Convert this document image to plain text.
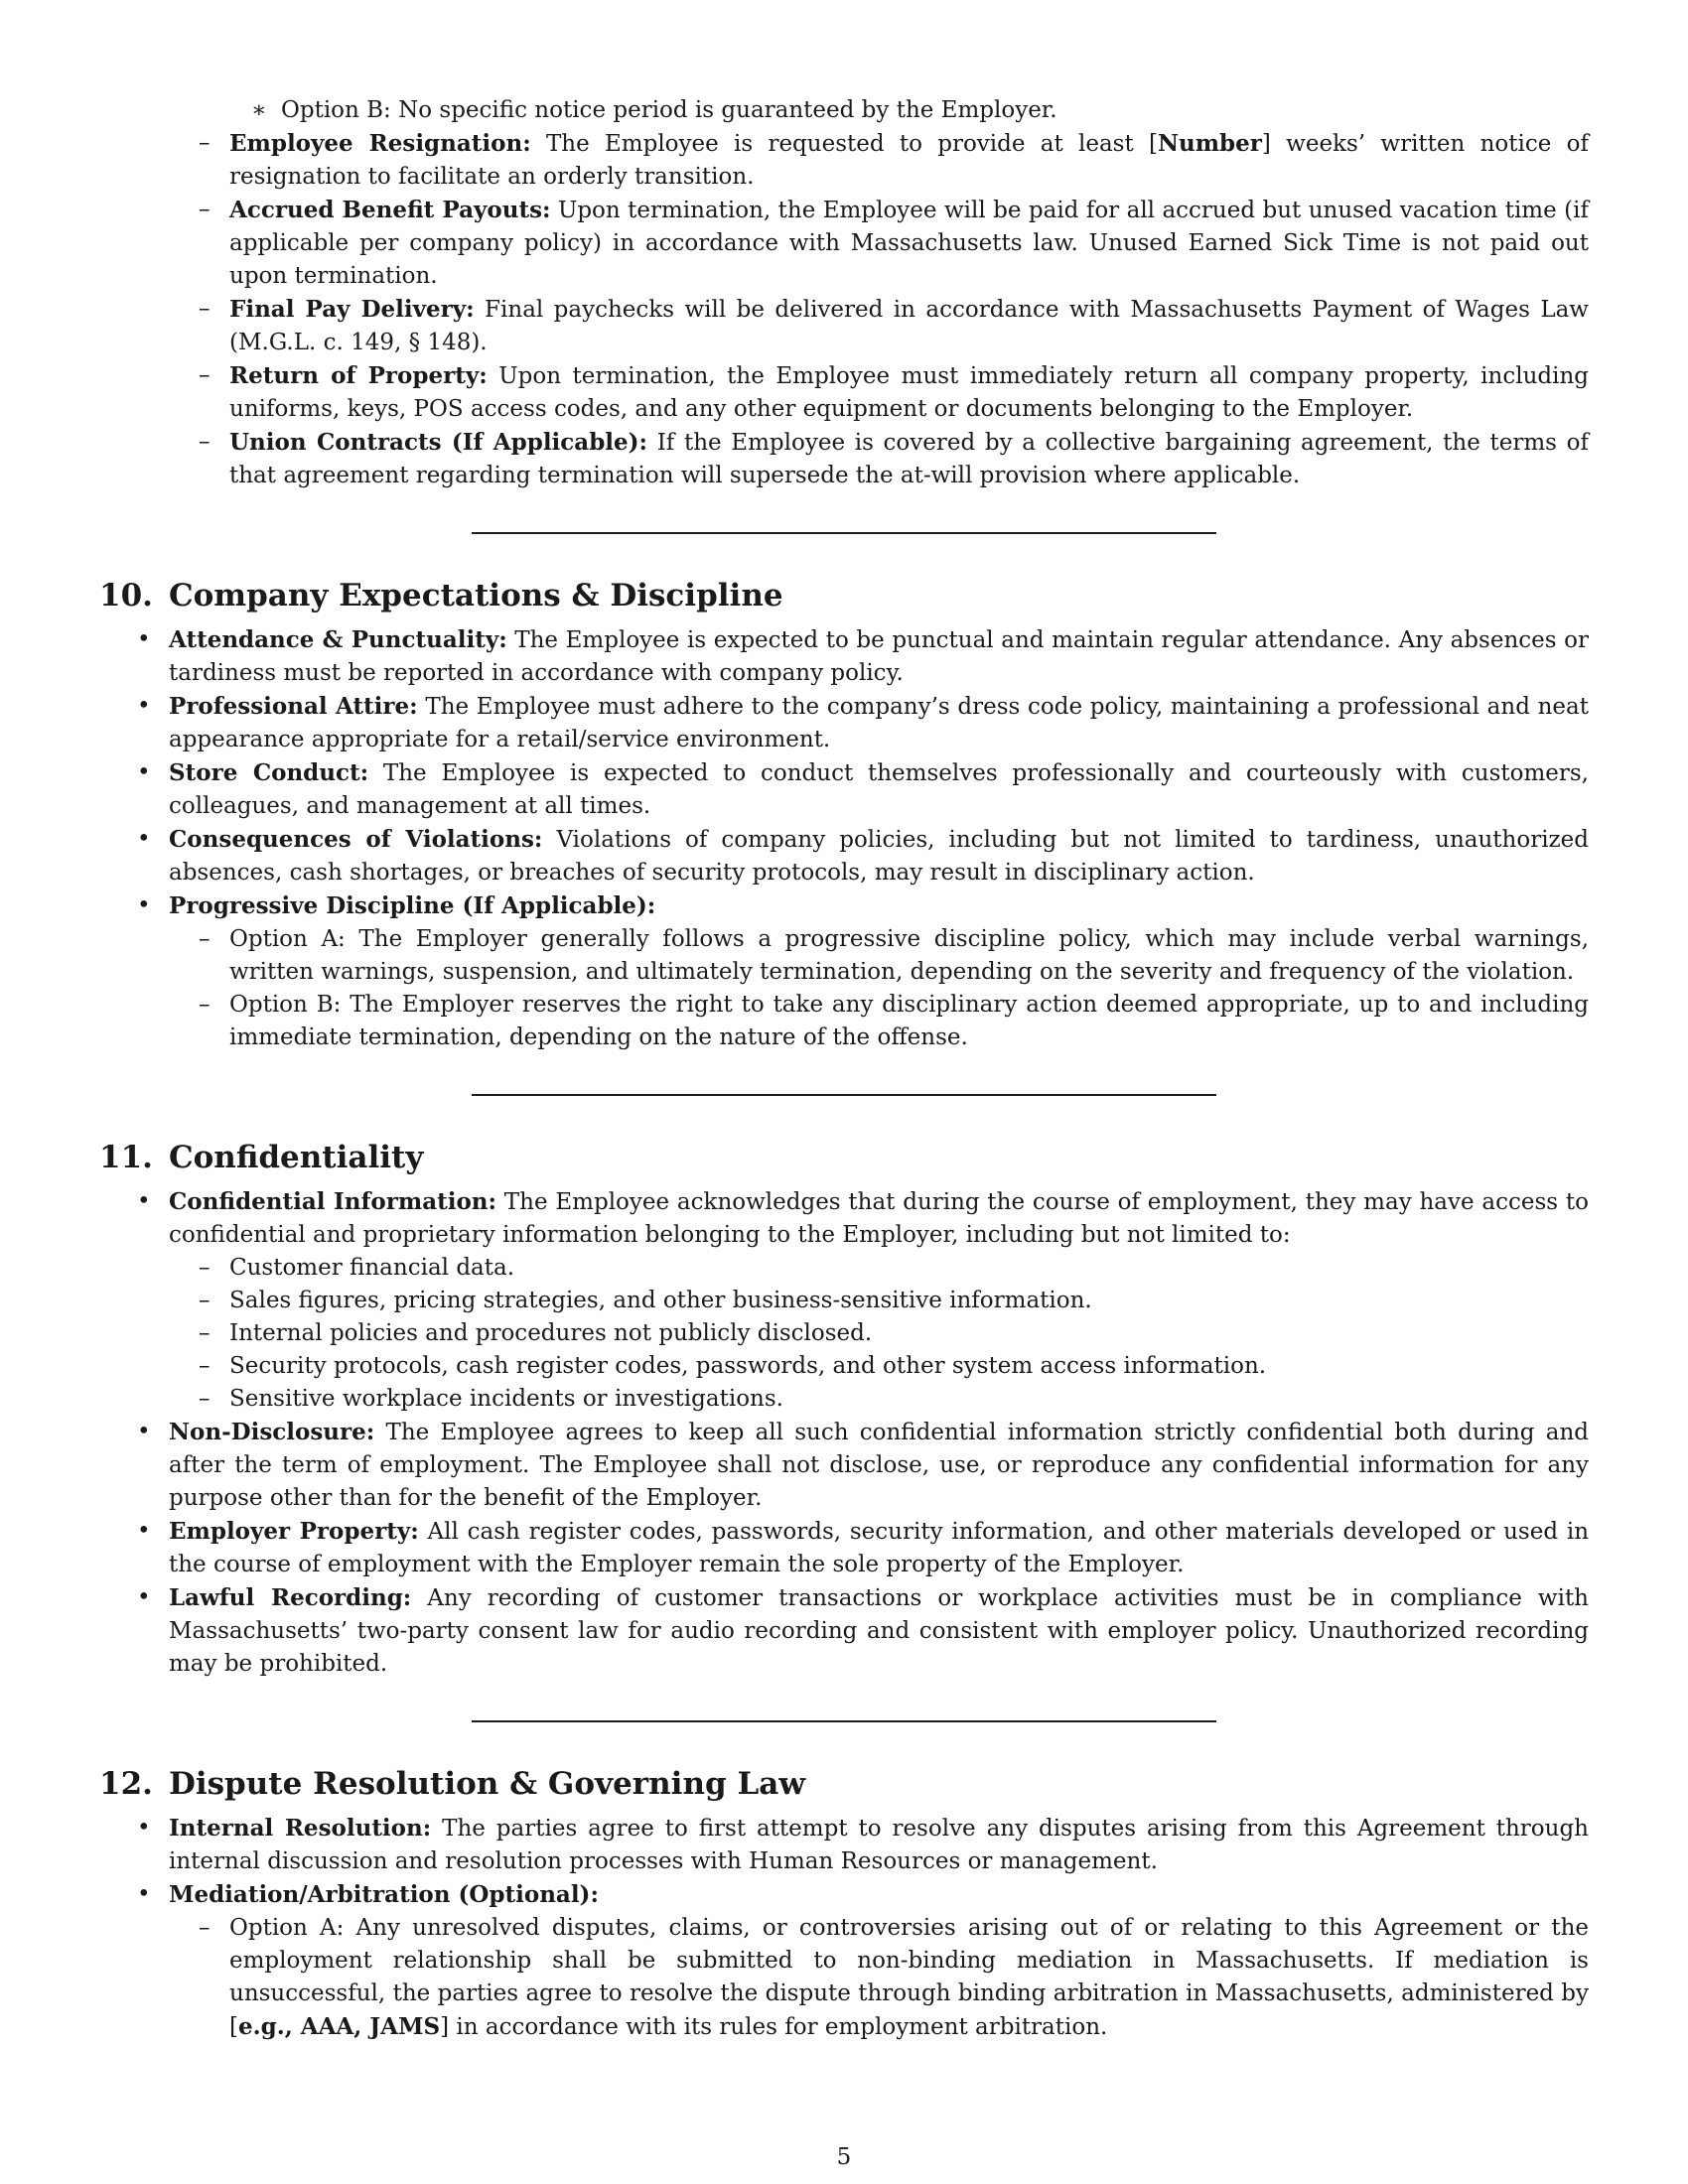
∗ Option B: No specific notice period is guaranteed by the Employer.
– Employee Resignation: The Employee is requested to provide at least [Number] weeks’ written notice of resignation to facilitate an orderly transition.
– Accrued Benefit Payouts: Upon termination, the Employee will be paid for all accrued but unused vacation time (if applicable per company policy) in accordance with Massachusetts law. Unused Earned Sick Time is not paid out upon termination.
– Final Pay Delivery: Final paychecks will be delivered in accordance with Massachusetts Payment of Wages Law (M.G.L. c. 149, § 148).
– Return of Property: Upon termination, the Employee must immediately return all company property, including uniforms, keys, POS access codes, and any other equipment or documents belonging to the Employer.
– Union Contracts (If Applicable): If the Employee is covered by a collective bargaining agreement, the terms of that agreement regarding termination will supersede the at-will provision where applicable.
10. Company Expectations & Discipline
• Attendance & Punctuality: The Employee is expected to be punctual and maintain regular attendance. Any absences or tardiness must be reported in accordance with company policy.
• Professional Attire: The Employee must adhere to the company’s dress code policy, maintaining a professional and neat appearance appropriate for a retail/service environment.
• Store Conduct: The Employee is expected to conduct themselves professionally and courteously with customers, colleagues, and management at all times.
• Consequences of Violations: Violations of company policies, including but not limited to tardiness, unauthorized absences, cash shortages, or breaches of security protocols, may result in disciplinary action.
• Progressive Discipline (If Applicable):
– Option A: The Employer generally follows a progressive discipline policy, which may include verbal warnings, written warnings, suspension, and ultimately termination, depending on the severity and frequency of the violation.
– Option B: The Employer reserves the right to take any disciplinary action deemed appropriate, up to and including immediate termination, depending on the nature of the offense.
11. Confidentiality
• Confidential Information: The Employee acknowledges that during the course of employment, they may have access to confidential and proprietary information belonging to the Employer, including but not limited to:
– Customer financial data.
– Sales figures, pricing strategies, and other business-sensitive information.
– Internal policies and procedures not publicly disclosed.
– Security protocols, cash register codes, passwords, and other system access information.
– Sensitive workplace incidents or investigations.
• Non-Disclosure: The Employee agrees to keep all such confidential information strictly confidential both during and after the term of employment. The Employee shall not disclose, use, or reproduce any confidential information for any purpose other than for the benefit of the Employer.
• Employer Property: All cash register codes, passwords, security information, and other materials developed or used in the course of employment with the Employer remain the sole property of the Employer.
• Lawful Recording: Any recording of customer transactions or workplace activities must be in compliance with Massachusetts’ two-party consent law for audio recording and consistent with employer policy. Unauthorized recording may be prohibited.
12. Dispute Resolution & Governing Law
• Internal Resolution: The parties agree to first attempt to resolve any disputes arising from this Agreement through internal discussion and resolution processes with Human Resources or management.
• Mediation/Arbitration (Optional):
– Option A: Any unresolved disputes, claims, or controversies arising out of or relating to this Agreement or the employment relationship shall be submitted to non-binding mediation in Massachusetts. If mediation is unsuccessful, the parties agree to resolve the dispute through binding arbitration in Massachusetts, administered by [e.g., AAA, JAMS] in accordance with its rules for employment arbitration.
5
